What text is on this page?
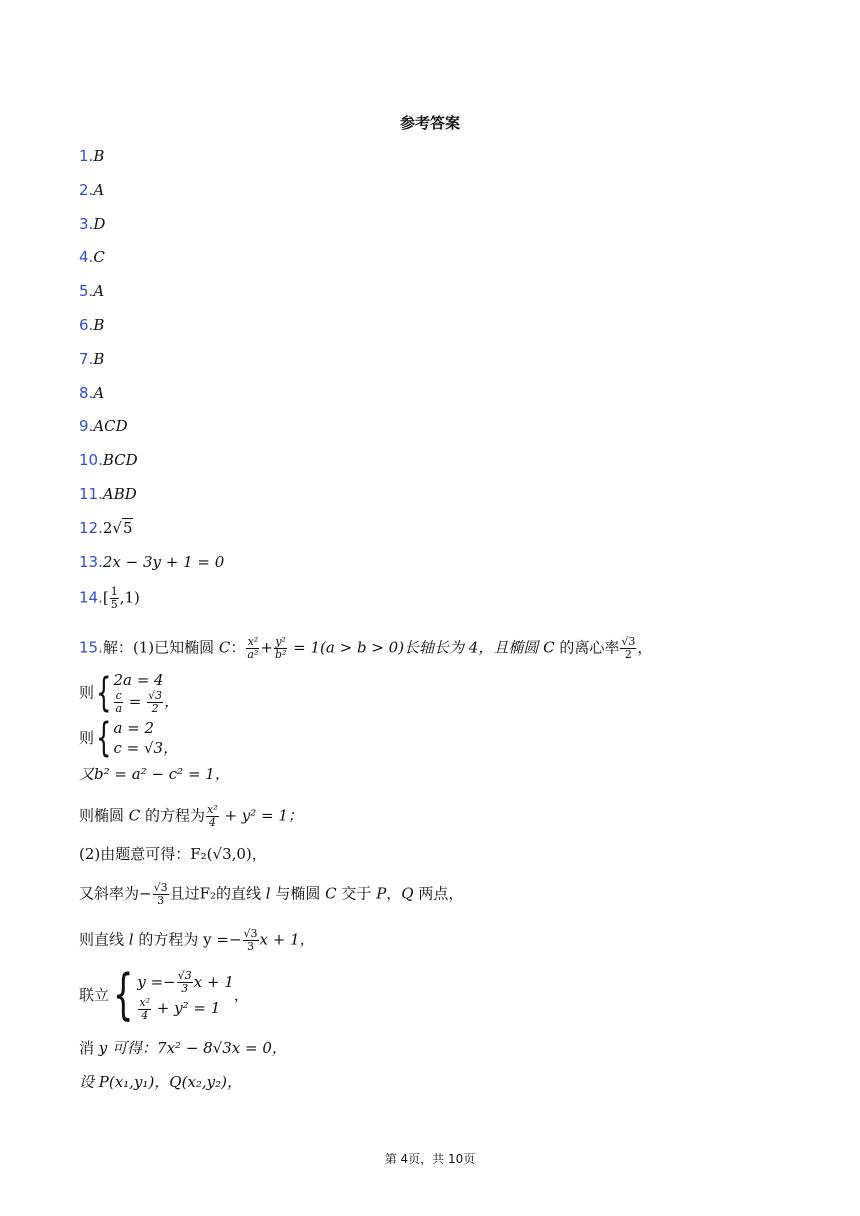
参考答案
1.B
2.A
3.D
4.C
5.A
6.B
7.B
8.A
9.ACD
10.BCD
11.ABD
12.2√5
13.2x − 3y + 1 = 0
$14.[ \frac{1}{5} ,1)$
15.解：(1)已知椭圆 C： $\frac{\text{x²}}{\text{a²}} + \frac{\text{y²}}{\text{b²}} = 1(a > b > 0)$长轴长为 4，且椭圆 C 的离心率 $\frac{√3}{2}$ ，
则{ 2a = 4

$\frac{c}{a} = \frac{√3}{2}$ ，
则{ a = 2
c = √3，
又b² = a² − c² = 1，
则椭圆 C 的方程为 $\frac{\text{x²}}{4} + y^2 = 1$；
(2)由题意可得：F₂(√3,0)，
又斜率为− $\frac{√3}{3}$ 且过F₂的直线 l 与椭圆 C 交于 P，Q 两点，
则直线 l 的方程为 $y =- \frac{√3}{3}$ x + 1，
联立{ $y =- \frac{√3}{3}$ x + 1

$\frac{\text{x²}}{4} + y^2 = 1$，
消 y 可得：7x² − 8√3x = 0，
设 P(x₁,y₁)，Q(x₂,y₂)，
第 4页，共 10页
